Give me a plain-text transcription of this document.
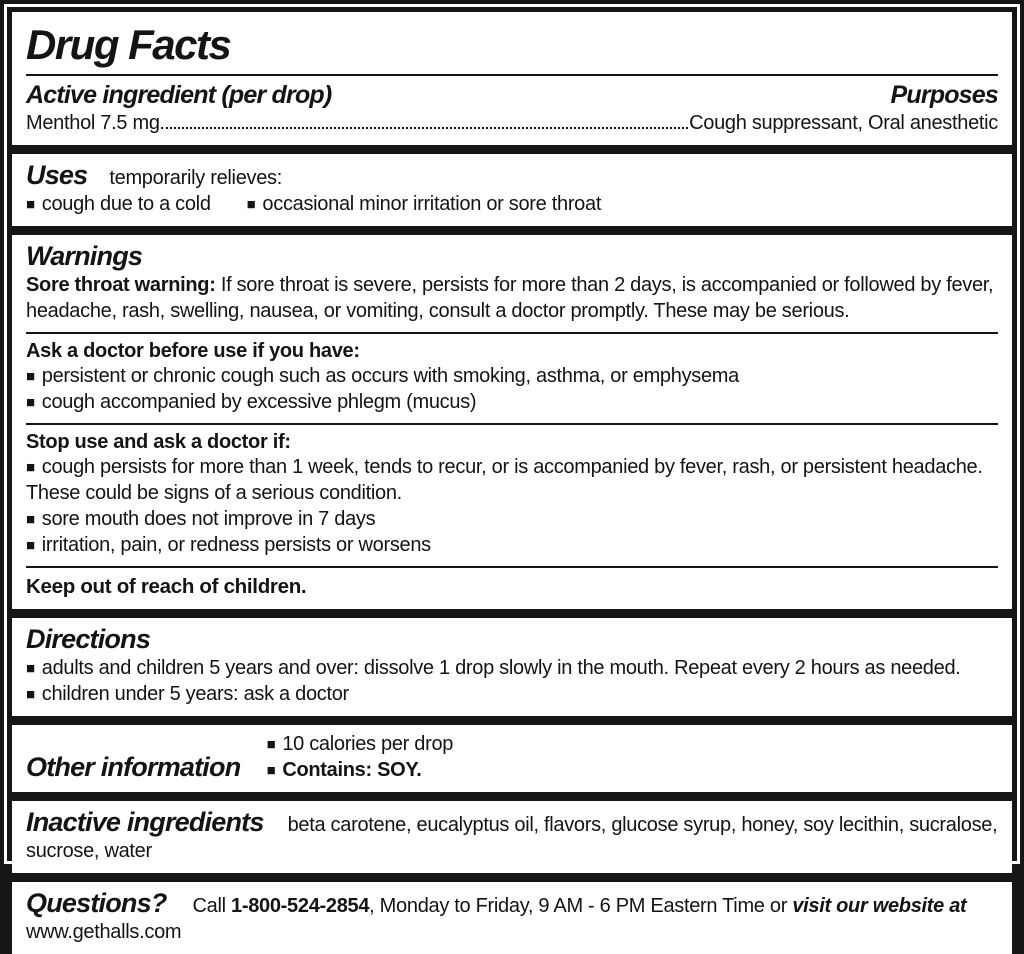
Drug Facts
Active ingredient (per drop)	Purposes
Menthol 7.5 mg	Cough suppressant, Oral anesthetic
Uses temporarily relieves:
■ cough due to a cold ■ occasional minor irritation or sore throat
Warnings

Sore throat warning: If sore throat is severe, persists for more than 2 days, is accompanied or followed by fever, headache, rash, swelling, nausea, or vomiting, consult a doctor promptly. These may be serious.

Ask a doctor before use if you have:
■ persistent or chronic cough such as occurs with smoking, asthma, or emphysema
■ cough accompanied by excessive phlegm (mucus)
Stop use and ask a doctor if:
■ cough persists for more than 1 week, tends to recur, or is accompanied by fever, rash, or persistent headache. These could be signs of a serious condition.
■ sore mouth does not improve in 7 days
■ irritation, pain, or redness persists or worsens
Keep out of reach of children.
Directions
■ adults and children 5 years and over: dissolve 1 drop slowly in the mouth. Repeat every 2 hours as needed.
■ children under 5 years: ask a doctor
Other information
■ 10 calories per drop
■ Contains: SOY.
Inactive ingredients beta carotene, eucalyptus oil, flavors, glucose syrup, honey, soy lecithin, sucralose, sucrose, water
Questions? Call 1-800-524-2854, Monday to Friday, 9 AM - 6 PM Eastern Time or visit our website at www.gethalls.com
